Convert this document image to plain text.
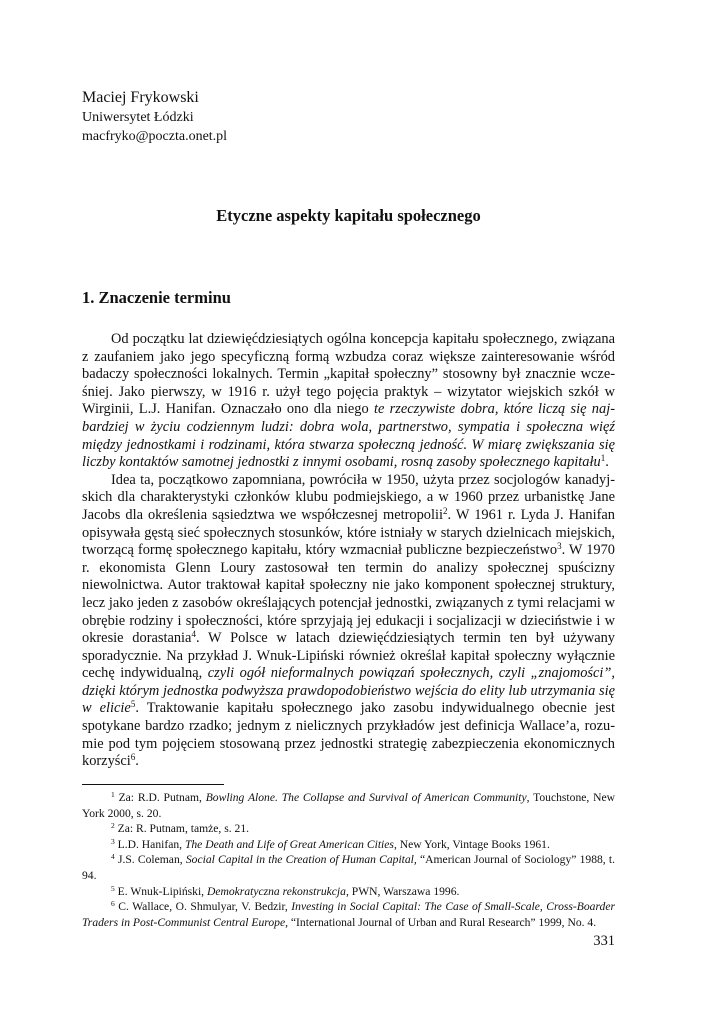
Maciej Frykowski
Uniwersytet Łódzki
macfryko@poczta.onet.pl
Etyczne aspekty kapitału społecznego
1. Znaczenie terminu

Od początku lat dziewięćdziesiątych ogólna koncepcja kapitału społecznego, związana z zaufaniem jako jego specyficzną formą wzbudza coraz większe zainteresowanie wśród badaczy społeczności lokalnych. Termin „kapitał społeczny” stosowny był znacznie wcześniej. Jako pierwszy, w 1916 r. użył tego pojęcia praktyk – wizytator wiejskich szkół w Wirginii, L.J. Hanifan. Oznaczało ono dla niego te rzeczywiste dobra, które liczą się najbardziej w życiu codziennym ludzi: dobra wola, partnerstwo, sympatia i społeczna więź między jednostkami i rodzinami, która stwarza społeczną jedność. W miarę zwiększania się liczby kontaktów samotnej jednostki z innymi osobami, rosną zasoby społecznego kapitału$^1$.

Idea ta, początkowo zapomniana, powróciła w 1950, użyta przez socjologów kanadyjskich dla charakterystyki członków klubu podmiejskiego, a w 1960 przez urbanistkę Jane Jacobs dla określenia sąsiedztwa we współczesnej metropolii$^2$. W 1961 r. Lyda J. Hanifan opisywała gęstą sieć społecznych stosunków, które istniały w starych dzielnicach miejskich, tworzącą formę społecznego kapitału, który wzmacniał publiczne bezpieczeństwo$^3$. W 1970 r. ekonomista Glenn Loury zastosował ten termin do analizy społecznej spuścizny niewolnictwa. Autor traktował kapitał społeczny nie jako komponent społecznej struktury, lecz jako jeden z zasobów określających potencjał jednostki, związanych z tymi relacjami w obrębie rodziny i społeczności, które sprzyjają jej edukacji i socjalizacji w dzieciństwie i w okresie dorastania$^4$. W Polsce w latach dziewięćdziesiątych termin ten był używany sporadycznie. Na przykład J. Wnuk-Lipiński również określał kapitał społeczny wyłącznie cechę indywidualną, czyli ogół nieformalnych powiązań społecznych, czyli „znajomości”, dzięki którym jednostka podwyższa prawdopodobieństwo wejścia do elity lub utrzymania się w elicie$^5$. Traktowanie kapitału społecznego jako zasobu indywidualnego obecnie jest spotykane bardzo rzadko; jednym z nielicznych przykładów jest definicja Wallace’a, rozumie pod tym pojęciem stosowaną przez jednostki strategię zabezpieczenia ekonomicznych korzyści$^6$.

$^1$ Za: R.D. Putnam, Bowling Alone. The Collapse and Survival of American Community, Touchstone, New York 2000, s. 20.

$^2$ Za: R. Putnam, tamże, s. 21.

$^3$ L.D. Hanifan, The Death and Life of Great American Cities, New York, Vintage Books 1961.

$^4$ J.S. Coleman, Social Capital in the Creation of Human Capital, “American Journal of Sociology” 1988, t. 94.

$^5$ E. Wnuk-Lipiński, Demokratyczna rekonstrukcja, PWN, Warszawa 1996.

$^6$ C. Wallace, O. Shmulyar, V. Bedzir, Investing in Social Capital: The Case of Small-Scale, Cross-Boarder Traders in Post-Communist Central Europe, “International Journal of Urban and Rural Research” 1999, No. 4.

331
